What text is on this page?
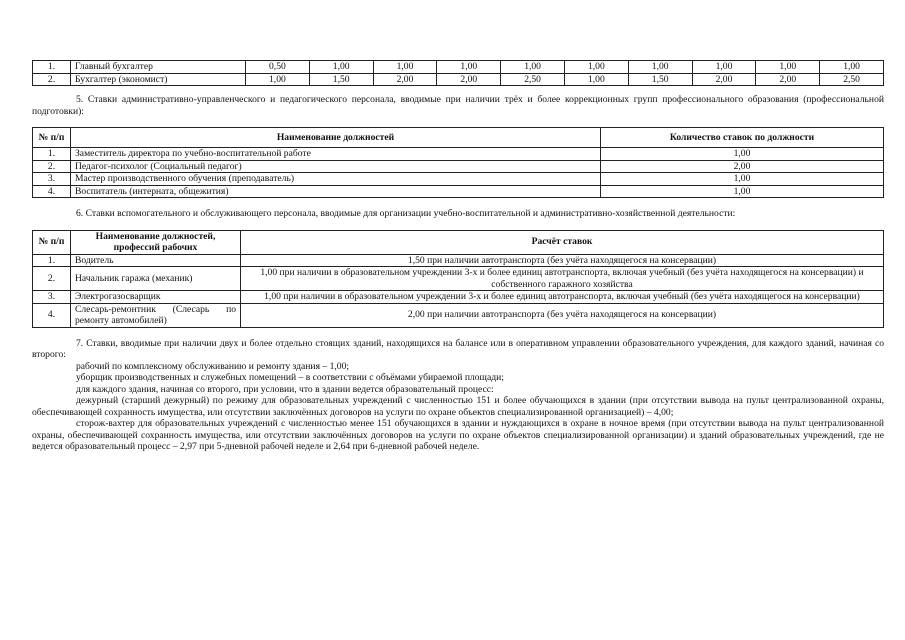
1.	Главный бухгалтер	0,50	1,00	1,00	1,00	1,00	1,00	1,00	1,00	1,00	1,00
2.	Бухгалтер (экономист)	1,00	1,50	2,00	2,00	2,50	1,00	1,50	2,00	2,00	2,50

5. Ставки административно-управленческого и педагогического персонала, вводимые при наличии трёх и более коррекционных групп профессионального образования (профессиональной подготовки):

№ п/п	Наименование должностей	Количество ставок по должности
1.	Заместитель директора по учебно-воспитательной работе	1,00
2.	Педагог-психолог (Социальный педагог)	2,00
3.	Мастер производственного обучения (преподаватель)	1,00
4.	Воспитатель (интерната, общежития)	1,00

6. Ставки вспомогательного и обслуживающего персонала, вводимые для организации учебно-воспитательной и административно-хозяйственной деятельности:

№ п/п	Наименование должностей, профессий рабочих	Расчёт ставок
1.	Водитель	1,50 при наличии автотранспорта (без учёта находящегося на консервации)
2.	Начальник гаража (механик)	1,00 при наличии в образовательном учреждении 3-х и более единиц автотранспорта, включая учебный (без учёта находящегося на консервации) и собственного гаражного хозяйства
3.	Электрогазосварщик	1,00 при наличии в образовательном учреждении 3-х и более единиц автотранспорта, включая учебный (без учёта находящегося на консервации)
4.	Слесарь-ремонтник (Слесарь по ремонту автомобилей)	2,00 при наличии автотранспорта (без учёта находящегося на консервации)

7. Ставки, вводимые при наличии двух и более отдельно стоящих зданий, находящихся на балансе или в оперативном управлении образовательного учреждения, для каждого зданий, начиная со второго:

рабочий по комплексному обслуживанию и ремонту здания – 1,00;

уборщик производственных и служебных помещений – в соответствии с объёмами убираемой площади;

для каждого здания, начиная со второго, при условии, что в здании ведется образовательный процесс:

дежурный (старший дежурный) по режиму для образовательных учреждений с численностью 151 и более обучающихся в здании (при отсутствии вывода на пульт централизованной охраны, обеспечивающей сохранность имущества, или отсутствии заключённых договоров на услуги по охране объектов специализированной организацией) – 4,00;

сторож-вахтер для образовательных учреждений с численностью менее 151 обучающихся в здании и нуждающихся в охране в ночное время (при отсутствии вывода на пульт централизованной охраны, обеспечивающей сохранность имущества, или отсутствии заключённых договоров на услуги по охране объектов специализированной организации) и зданий образовательных учреждений, где не ведется образовательный процесс – 2,97 при 5-дневной рабочей неделе и 2,64 при 6-дневной рабочей неделе.
